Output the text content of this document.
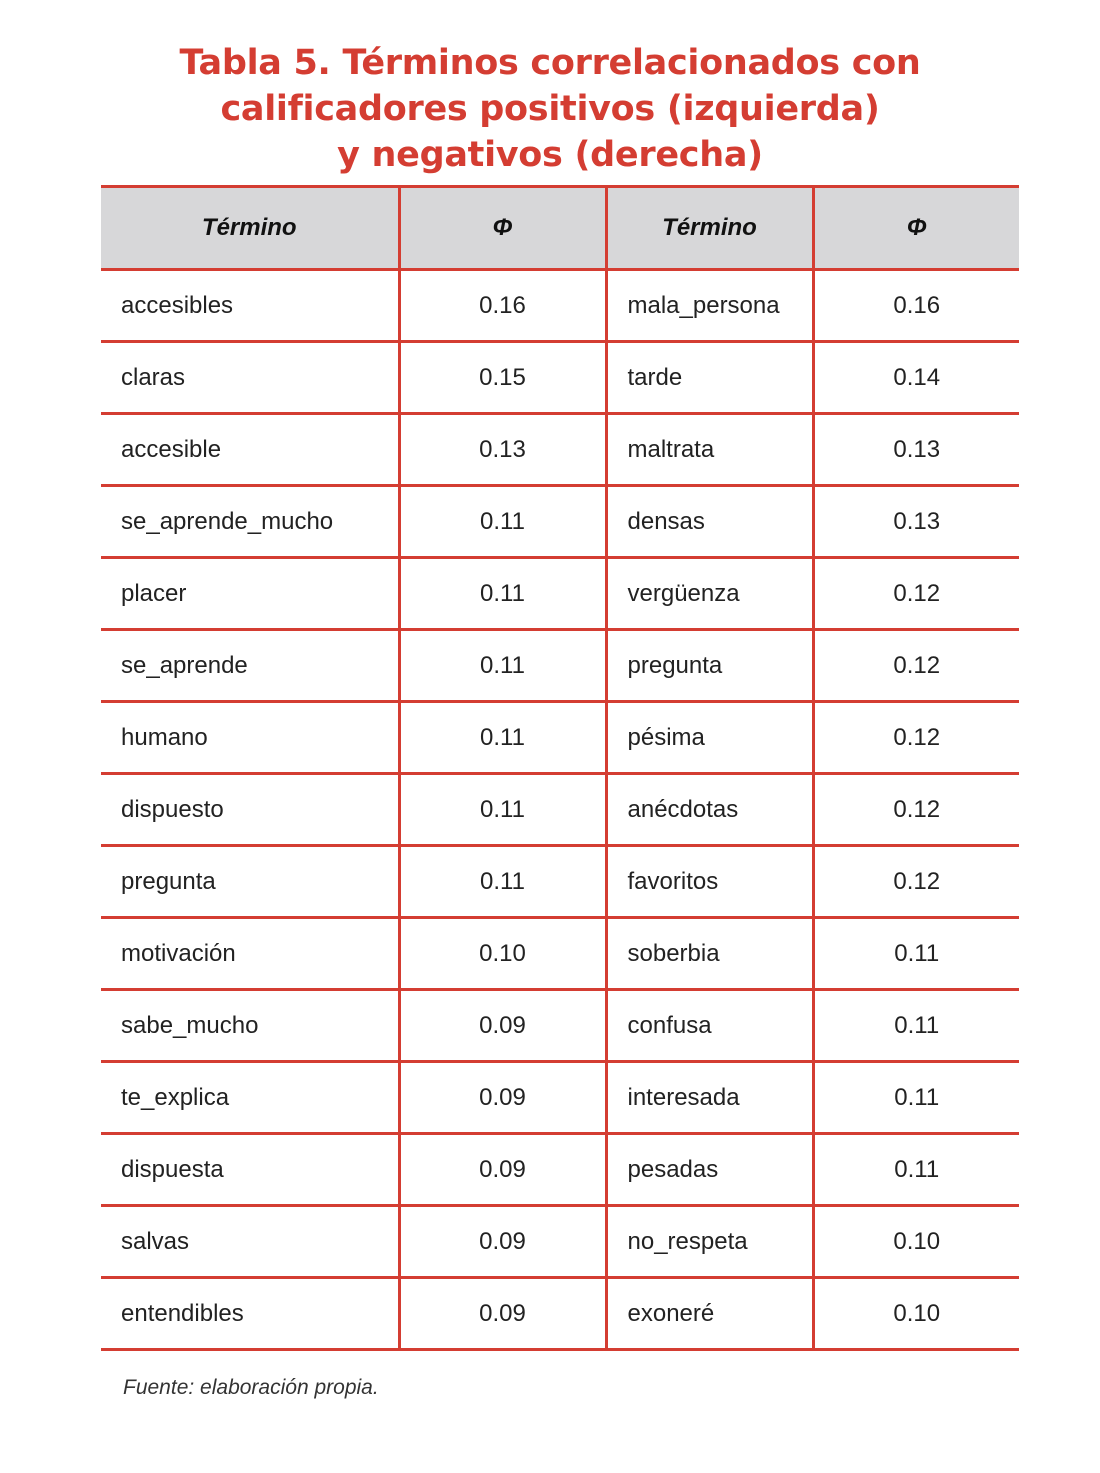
Tabla 5. Términos correlacionados con
calificadores positivos (izquierda)
y negativos (derecha)
Término	Φ	Término	Φ
accesibles	0.16	mala_persona	0.16
claras	0.15	tarde	0.14
accesible	0.13	maltrata	0.13
se_aprende_mucho	0.11	densas	0.13
placer	0.11	vergüenza	0.12
se_aprende	0.11	pregunta	0.12
humano	0.11	pésima	0.12
dispuesto	0.11	anécdotas	0.12
pregunta	0.11	favoritos	0.12
motivación	0.10	soberbia	0.11
sabe_mucho	0.09	confusa	0.11
te_explica	0.09	interesada	0.11
dispuesta	0.09	pesadas	0.11
salvas	0.09	no_respeta	0.10
entendibles	0.09	exoneré	0.10
Fuente: elaboración propia.
